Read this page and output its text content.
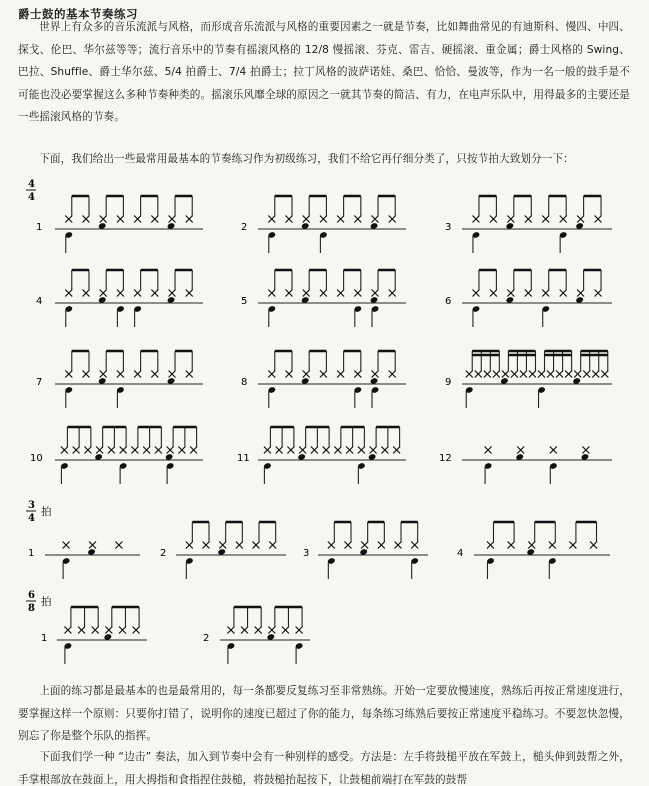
爵士鼓的基本节奏练习
世界上有众多的音乐流派与风格，而形成音乐流派与风格的重要因素之一就是节奏，比如舞曲常见的有迪斯科、慢四、中四、探戈、伦巴、华尔兹等等；流行音乐中的节奏有摇滚风格的 12/8 慢摇滚、芬克、雷吉、硬摇滚、重金属；爵士风格的 Swing、巴拉、Shuffle、爵士华尔兹、5/4 拍爵士、7/4 拍爵士；拉丁风格的波萨诺娃、桑巴、恰恰、曼波等，作为一名一般的鼓手是不可能也没必要掌握这么多种节奏种类的。摇滚乐风靡全球的原因之一就其节奏的简洁、有力，在电声乐队中，用得最多的主要还是一些摇滚风格的节奏。
下面，我们给出一些最常用最基本的节奏练习作为初级练习，我们不给它再仔细分类了，只按节拍大致划分一下：
4
4
3
4
拍
6
8
拍
1	2	3
4	5	6
7	8	9
10	11	12
1	2	3	4
1	2
上面的练习都是最基本的也是最常用的，每一条都要反复练习至非常熟练。开始一定要放慢速度，熟练后再按正常速度进行，要掌握这样一个原则：只要你打错了，说明你的速度已超过了你的能力，每条练习练熟后要按正常速度平稳练习。不要忽快忽慢，别忘了你是整个乐队的指挥。
下面我们学一种 “边击” 奏法，加入到节奏中会有一种别样的感受。方法是：左手将鼓槌平放在军鼓上，槌头伸到鼓帮之外，手掌根部放在鼓面上，用大拇指和食指捏住鼓槌，将鼓槌抬起按下，让鼓槌前端打在军鼓的鼓帮
